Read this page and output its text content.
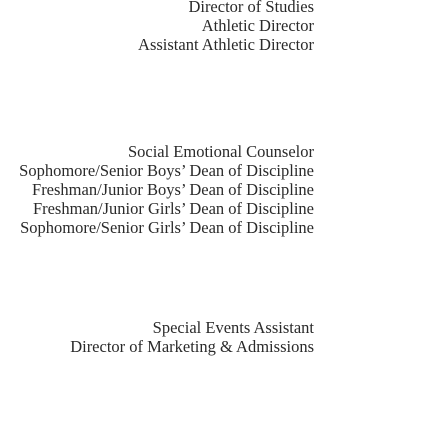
Director of Studies
Athletic Director
Assistant Athletic Director
Social Emotional Counselor
Sophomore/Senior Boys’ Dean of Discipline
Freshman/Junior Boys’ Dean of Discipline
Freshman/Junior Girls’ Dean of Discipline
Sophomore/Senior Girls’ Dean of Discipline
Special Events Assistant
Director of Marketing & Admissions
